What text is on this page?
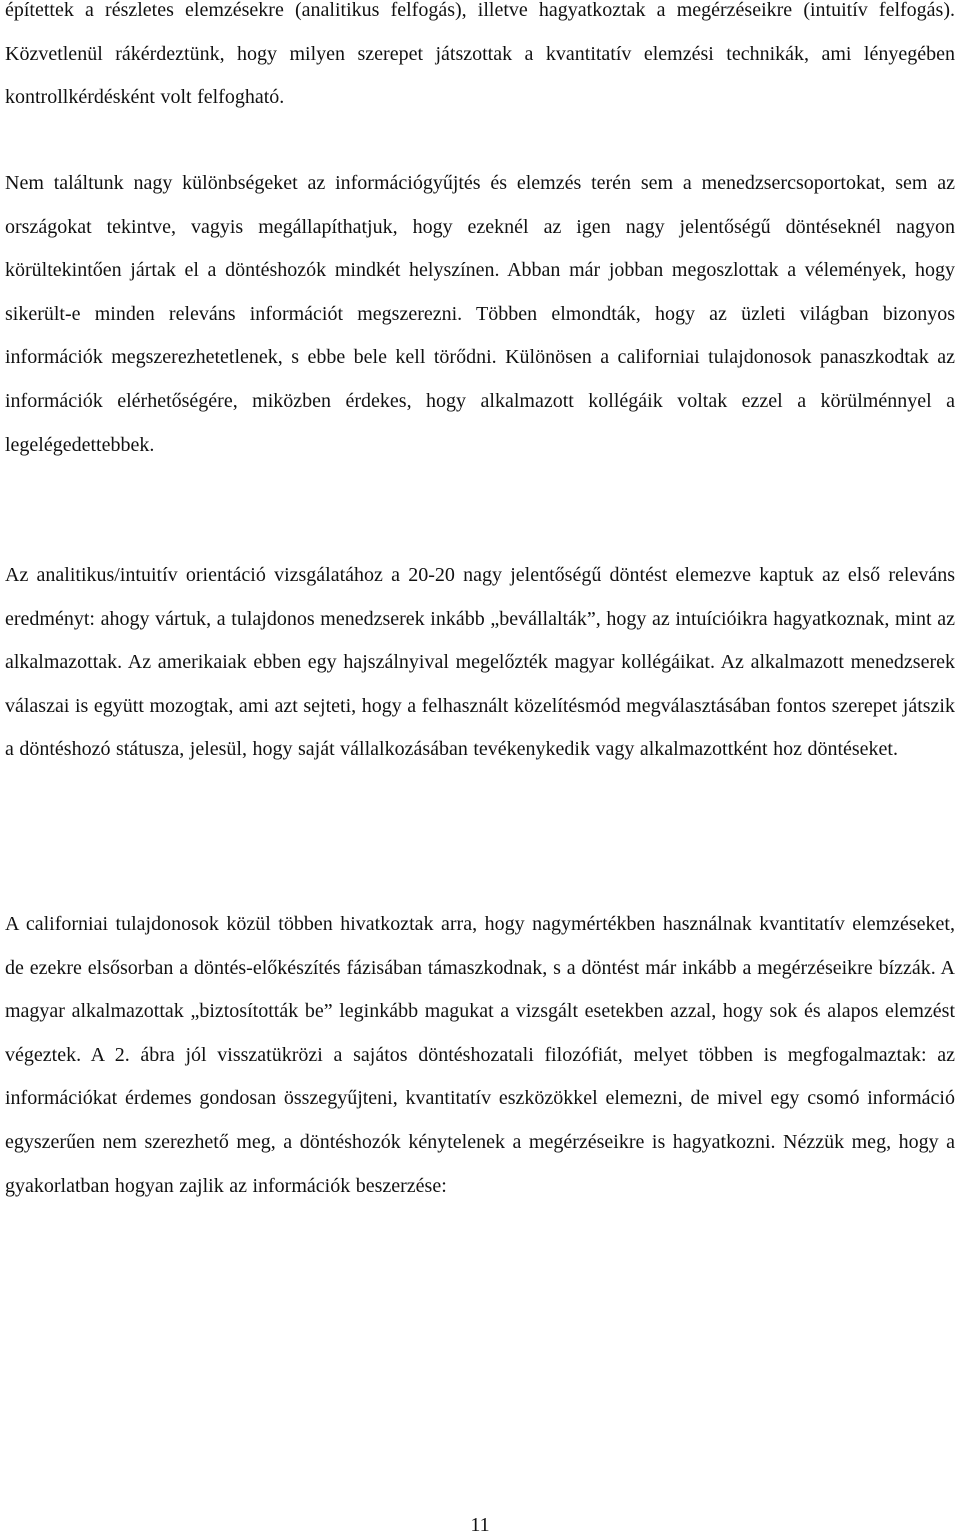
építettek a részletes elemzésekre (analitikus felfogás), illetve hagyatkoztak a megérzéseikre (intuitív felfogás). Közvetlenül rákérdeztünk, hogy milyen szerepet játszottak a kvantitatív elemzési technikák, ami lényegében kontrollkérdésként volt felfogható.

Nem találtunk nagy különbségeket az információgyűjtés és elemzés terén sem a menedzsercsoportokat, sem az országokat tekintve, vagyis megállapíthatjuk, hogy ezeknél az igen nagy jelentőségű döntéseknél nagyon körültekintően jártak el a döntéshozók mindkét helyszínen. Abban már jobban megoszlottak a vélemények, hogy sikerült-e minden releváns információt megszerezni. Többen elmondták, hogy az üzleti világban bizonyos információk megszerezhetetlenek, s ebbe bele kell törődni. Különösen a californiai tulajdonosok panaszkodtak az információk elérhetőségére, miközben érdekes, hogy alkalmazott kollégáik voltak ezzel a körülménnyel a legelégedettebbek.

Az analitikus/intuitív orientáció vizsgálatához a 20-20 nagy jelentőségű döntést elemezve kaptuk az első releváns eredményt: ahogy vártuk, a tulajdonos menedzserek inkább „bevállalták”, hogy az intuícióikra hagyatkoznak, mint az alkalmazottak. Az amerikaiak ebben egy hajszálnyival megelőzték magyar kollégáikat. Az alkalmazott menedzserek válaszai is együtt mozogtak, ami azt sejteti, hogy a felhasznált közelítésmód megválasztásában fontos szerepet játszik a döntéshozó státusza, jelesül, hogy saját vállalkozásában tevékenykedik vagy alkalmazottként hoz döntéseket.

A californiai tulajdonosok közül többen hivatkoztak arra, hogy nagymértékben használnak kvantitatív elemzéseket, de ezekre elsősorban a döntés-előkészítés fázisában támaszkodnak, s a döntést már inkább a megérzéseikre bízzák. A magyar alkalmazottak „biztosították be” leginkább magukat a vizsgált esetekben azzal, hogy sok és alapos elemzést végeztek. A 2. ábra jól visszatükrözi a sajátos döntéshozatali filozófiát, melyet többen is megfogalmaztak: az információkat érdemes gondosan összegyűjteni, kvantitatív eszközökkel elemezni, de mivel egy csomó információ egyszerűen nem szerezhető meg, a döntéshozók kénytelenek a megérzéseikre is hagyatkozni. Nézzük meg, hogy a gyakorlatban hogyan zajlik az információk beszerzése:

11
